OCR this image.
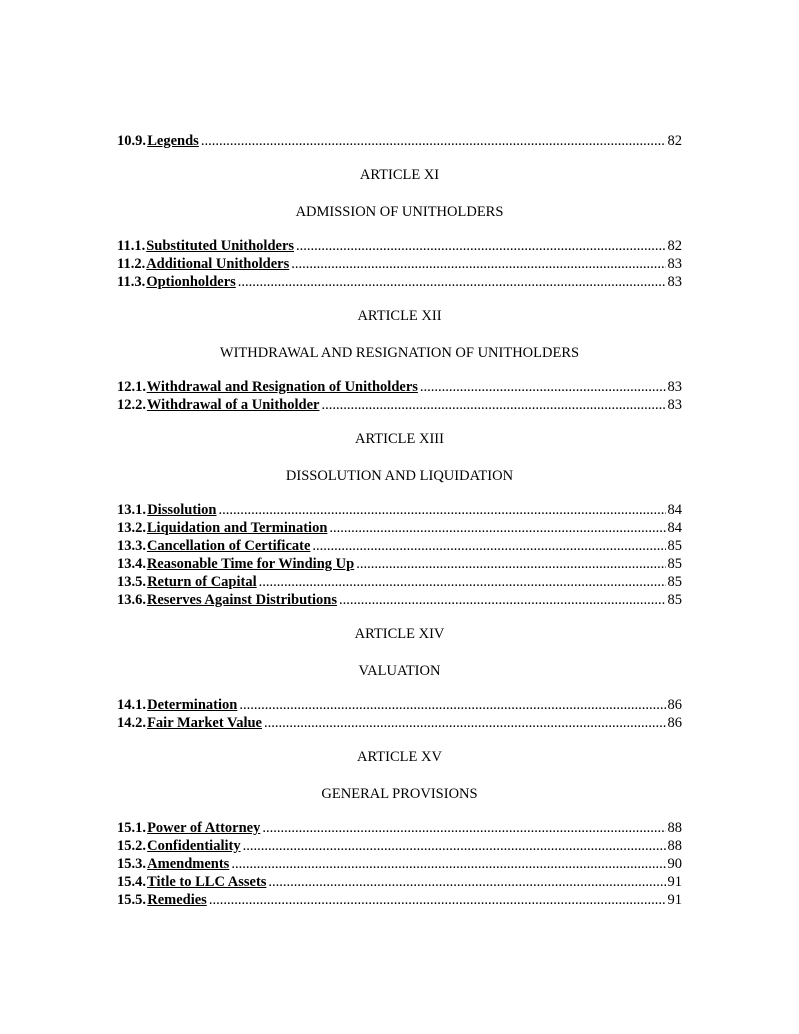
10.9. Legends .....	82
ARTICLE XI
ADMISSION OF UNITHOLDERS
11.1. Substituted Unitholders .....	82
11.2. Additional Unitholders .....	83
11.3. Optionholders .....	83
ARTICLE XII
WITHDRAWAL AND RESIGNATION OF UNITHOLDERS
12.1. Withdrawal and Resignation of Unitholders .....	83
12.2. Withdrawal of a Unitholder .....	83
ARTICLE XIII
DISSOLUTION AND LIQUIDATION
13.1. Dissolution .....	84
13.2. Liquidation and Termination .....	84
13.3. Cancellation of Certificate .....	85
13.4. Reasonable Time for Winding Up .....	85
13.5. Return of Capital .....	85
13.6. Reserves Against Distributions .....	85
ARTICLE XIV
VALUATION
14.1. Determination .....	86
14.2. Fair Market Value .....	86
ARTICLE XV
GENERAL PROVISIONS
15.1. Power of Attorney .....	88
15.2. Confidentiality .....	88
15.3. Amendments .....	90
15.4. Title to LLC Assets .....	91
15.5. Remedies .....	91
